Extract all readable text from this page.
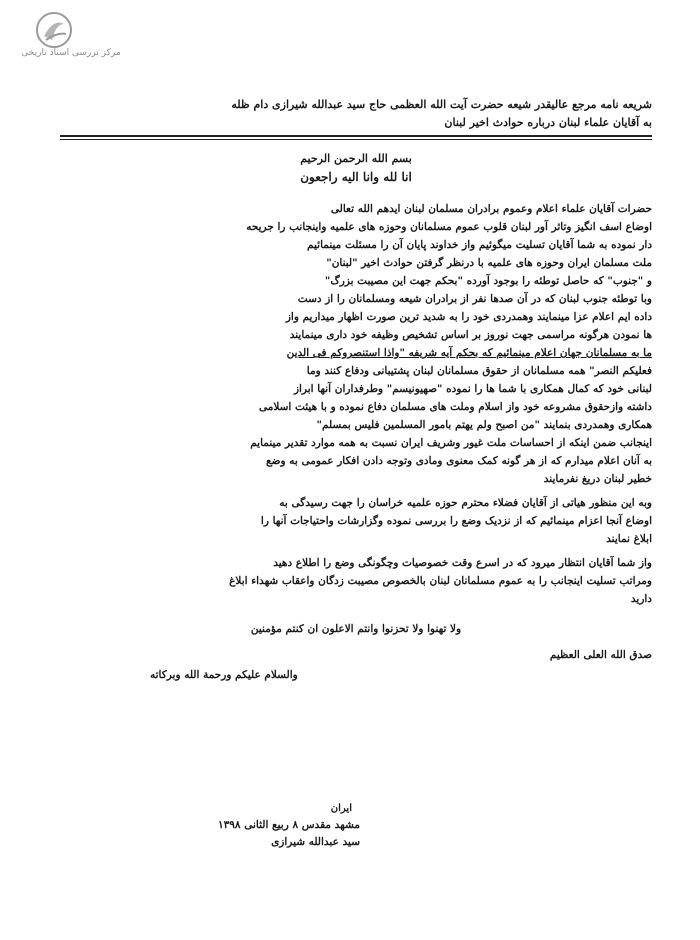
مرکز بررسی اسناد تاریخی
شریعه نامه مرجع عالیقدر شیعه حضرت آیت الله العظمی حاج سید عبدالله شیرازی دام ظله
به آقایان علماء لبنان درباره حوادث اخیر لبنان
بسم الله الرحمن الرحیم
انا لله وانا الیه راجعون
حضرات آقایان علماء اعلام وعموم برادران مسلمان لبنان ایدهم الله تعالی
اوضاع اسف انگیز وتاثر آور لبنان قلوب عموم مسلمانان وحوزه های علمیه واینجانب را جریحه
دار نموده به شما آقایان تسلیت میگوئیم واز خداوند پایان آن را مسئلت مینمائیم
ملت مسلمان ایران وحوزه های علمیه با درنظر گرفتن حوادث اخیر "لبنان"
و "جنوب" که حاصل توطئه را بوجود آورده "بحکم جهت این مصیبت بزرگ"
وبا توطئه جنوب لبنان که در آن صدها نفر از برادران شیعه ومسلمانان را از دست
داده ایم اعلام عزا مینمایند وهمدردی خود را به شدید ترین صورت اظهار میداریم واز
ها نمودن هرگونه مراسمی جهت نوروز بر اساس تشخیص وظیفه خود داری مینمایند
ما به مسلمانان جهان اعلام مینمائیم که بحکم آیه شریفه "واذا استنصروکم فی الدین
فعلیکم النصر" همه مسلمانان از حقوق مسلمانان لبنان پشتیبانی ودفاع کنند وما
لبنانی خود که کمال همکاری با شما ها را نموده "صهیونیسم" وطرفداران آنها ابراز
داشته وازحقوق مشروعه خود واز اسلام وملت های مسلمان دفاع نموده و با هیئت اسلامی
همکاری وهمدردی بنمایند "من اصبح ولم یهتم بامور المسلمین فلیس بمسلم"
اینجانب ضمن اینکه از احساسات ملت غیور وشریف ایران نسبت به همه موارد تقدیر مینمایم
به آنان اعلام میدارم که از هر گونه کمک معنوی ومادی وتوجه دادن افکار عمومی به وضع
خطیر لبنان دریغ نفرمایند
وبه این منظور هیاتی از آقایان فضلاء محترم حوزه علمیه خراسان را جهت رسیدگی به
اوضاع آنجا اعزام مینمائیم که از نزدیک وضع را بررسی نموده وگزارشات واحتیاجات آنها را
ابلاغ نمایند
واز شما آقایان انتظار میرود که در اسرع وقت خصوصیات وچگونگی وضع را اطلاع دهید
ومراتب تسلیت اینجانب را به عموم مسلمانان لبنان بالخصوص مصیبت زدگان واعقاب شهداء ابلاغ
دارید
ولا تهنوا ولا تحزنوا وانتم الاعلون ان کنتم مؤمنین
صدق الله العلی العظیم
والسلام علیکم ورحمة الله وبرکاته
ایران
مشهد مقدس ۸ ربیع الثانی ۱۳۹۸
سید عبدالله شیرازی
